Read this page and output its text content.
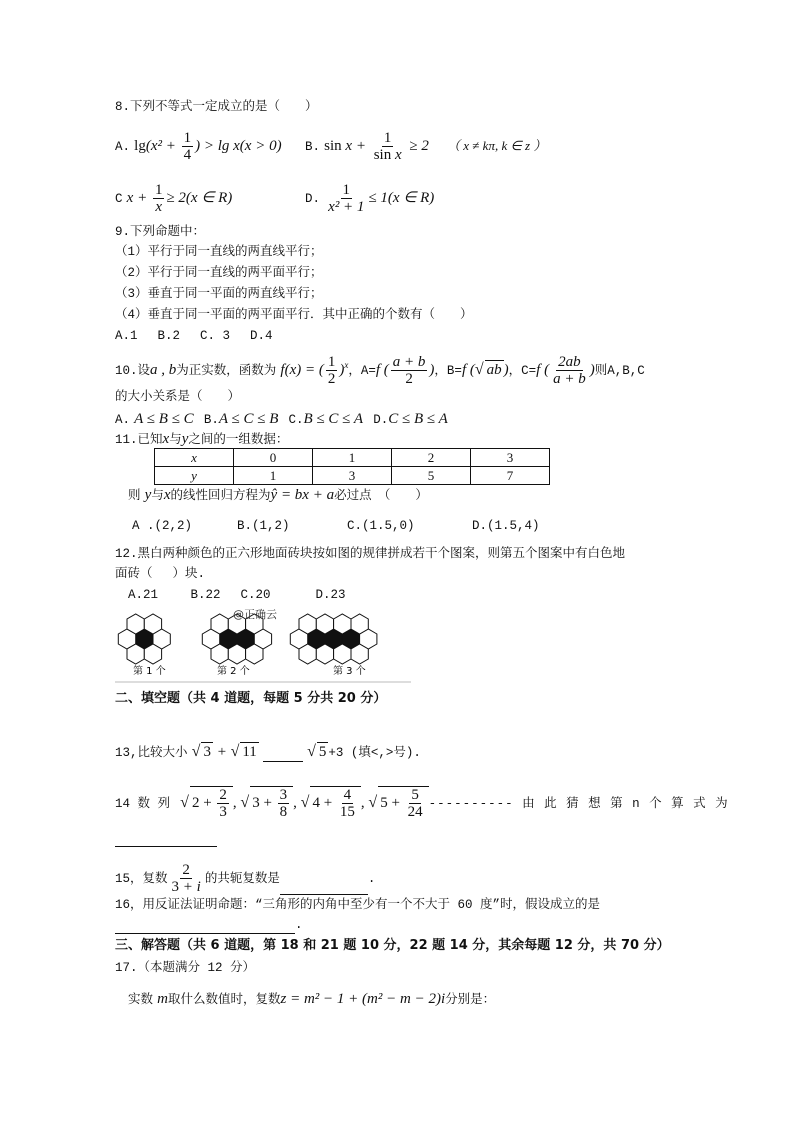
8.下列不等式一定成立的是（　　）
A. $\lg(x^2 + \frac{1}{4}$ ) > lg x(x > 0) B. $\sin x + \frac{1}{\text{sin x}} \ge 2$ （ x ≠ kπ, k ∈ z ）
C $x + \frac{1}{x} \ge 2(x$ ∈ R)	D. $\frac{1}{\text{x² + 1}} \le 1(x$ ∈ R)
9.下列命题中：
（1）平行于同一直线的两直线平行；
（2）平行于同一直线的两平面平行；
（3）垂直于同一平面的两直线平行；
（4）垂直于同一平面的两平面平行．其中正确的个数有（　　）
A.1　 B.2　 C. 3　 D.4
10.设a , b为正实数，函数为 f(x) = ( $\frac{1}{2} )^x$，A=f ( $\frac{a + b}{2}$ )，B=f (√ ab )，C=f ( $\frac{2ab}{a + b}$ )则A,B,C
的大小关系是（　　）
A. A ≤ B ≤ C B.A ≤ C ≤ B C.B ≤ C ≤ A D.C ≤ B ≤ A
11.已知x与y之间的一组数据：
x	0	1	2	3
y	1	3	5	7
则 y与x的线性回归方程为ŷ = bx + a必过点　（　　）
A .(2,2)　　　 B.(1,2)　　　　 C.(1.5,0)　　　　 D.(1.5,4)
12.黑白两种颜色的正六形地面砖块按如图的规律拼成若干个图案，则第五个图案中有白色地
面砖（　 ）块.
A.21　　 B.22　 C.20　　　 D.23
@正确云
第 1 个	第 2 个	第 3 个
二、填空题（共 4 道题，每题 5 分共 20 分）
13,比较大小 √ 3 + √ 11	√ 5 +3 (填<,>号).
14 数 列 √ $2 + \frac{2}{3}$ , √ $3 + \frac{3}{8}$ , √ $4 + \frac{4}{15}$ , √ $5 + \frac{5}{24}$ ---------- 由 此 猜 想 第 n 个 算 式 为
15，复数 $\frac{2}{3 + i}$ 的共轭复数是	.
16，用反证法证明命题：“三角形的内角中至少有一个不大于 60 度”时，假设成立的是
.
三、解答题（共 6 道题，第 18 和 21 题 10 分，22 题 14 分，其余每题 12 分，共 70 分）
17.（本题满分 12 分）
实数 m取什么数值时，复数z = m² − 1 + (m² − m − 2)i分别是：
